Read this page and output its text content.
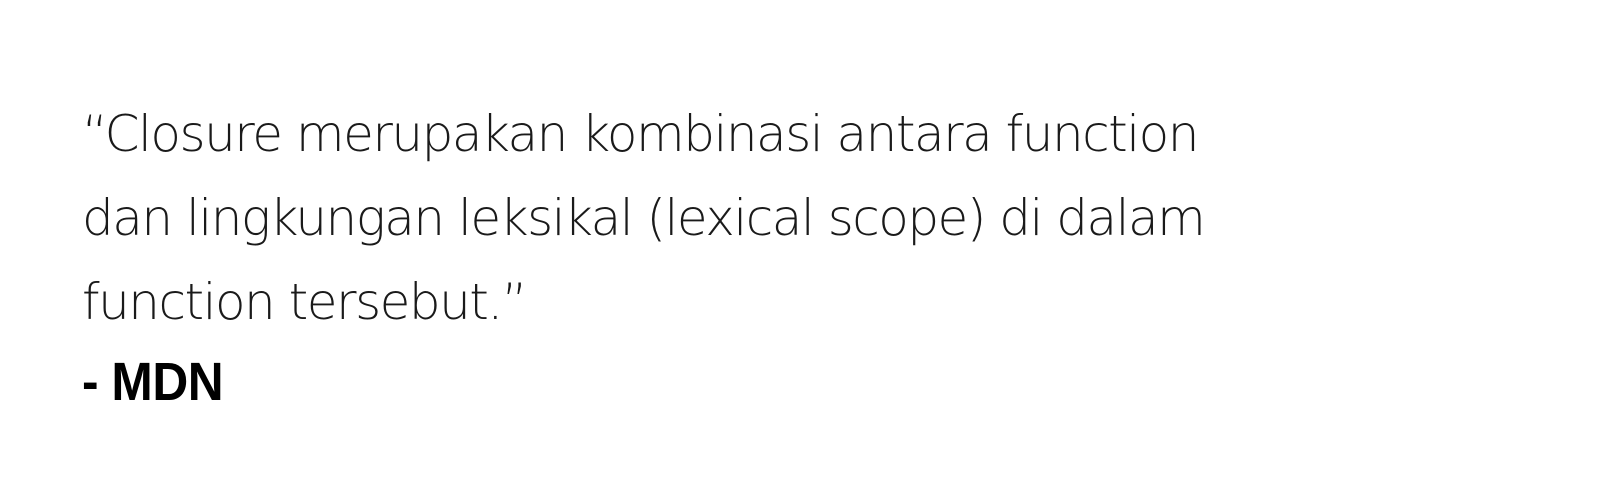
“Closure merupakan kombinasi antara function
dan lingkungan leksikal (lexical scope) di dalam
function tersebut.”

- MDN
